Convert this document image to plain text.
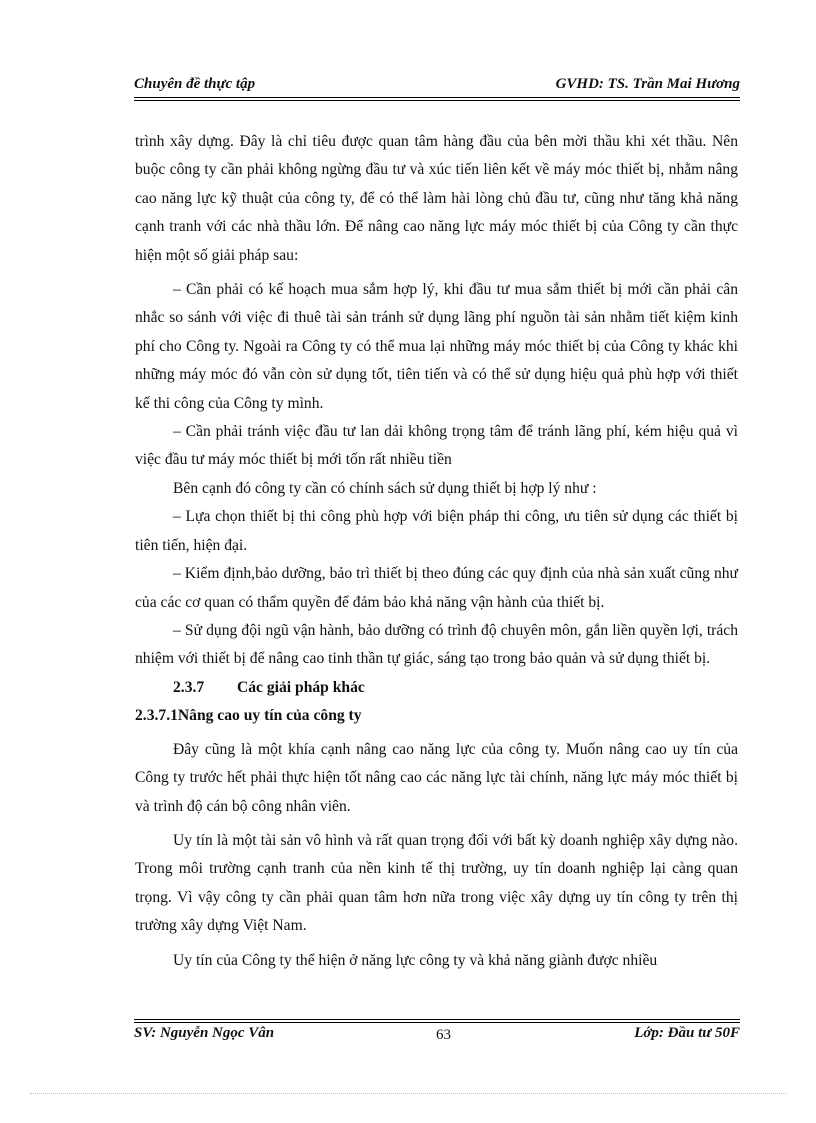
Chuyên đề thực tập	GVHD: TS. Trần Mai Hương

trình xây dựng. Đây là chỉ tiêu được quan tâm hàng đầu của bên mời thầu khi xét thầu. Nên buộc công ty cần phải không ngừng đầu tư và xúc tiến liên kết về máy móc thiết bị, nhằm nâng cao năng lực kỹ thuật của công ty, để có thể làm hài lòng chủ đầu tư, cũng như tăng khả năng cạnh tranh với các nhà thầu lớn. Để nâng cao năng lực máy móc thiết bị của Công ty cần thực hiện một số giải pháp sau:

– Cần phải có kế hoạch mua sắm hợp lý, khi đầu tư mua sắm thiết bị mới cần phải cân nhắc so sánh với việc đi thuê tài sản tránh sử dụng lãng phí nguồn tài sản nhằm tiết kiệm kinh phí cho Công ty. Ngoài ra Công ty có thể mua lại những máy móc thiết bị của Công ty khác khi những máy móc đó vẫn còn sử dụng tốt, tiên tiến và có thể sử dụng hiệu quả phù hợp với thiết kế thi công của Công ty mình.

– Cần phải tránh việc đầu tư lan dải không trọng tâm để tránh lãng phí, kém hiệu quả vì việc đầu tư máy móc thiết bị mới tốn rất nhiều tiền

Bên cạnh đó công ty cần có chính sách sử dụng thiết bị hợp lý như :

– Lựa chọn thiết bị thi công phù hợp với biện pháp thi công, ưu tiên sử dụng các thiết bị tiên tiến, hiện đại.

– Kiểm định,bảo dưỡng, bảo trì thiết bị theo đúng các quy định của nhà sản xuất cũng như của các cơ quan có thẩm quyền để đảm bảo khả năng vận hành của thiết bị.

– Sử dụng đội ngũ vận hành, bảo dưỡng có trình độ chuyên môn, gắn liền quyền lợi, trách nhiệm với thiết bị để nâng cao tinh thần tự giác, sáng tạo trong bảo quản và sử dụng thiết bị.

2.3.7	Các giải pháp khác
2.3.7.1Nâng cao uy tín của công ty

Đây cũng là một khía cạnh nâng cao năng lực của công ty. Muốn nâng cao uy tín của Công ty trước hết phải thực hiện tốt nâng cao các năng lực tài chính, năng lực máy móc thiết bị và trình độ cán bộ công nhân viên.

Uy tín là một tài sản vô hình và rất quan trọng đối với bất kỳ doanh nghiệp xây dựng nào. Trong môi trường cạnh tranh của nền kinh tế thị trường, uy tín doanh nghiệp lại càng quan trọng. Vì vậy công ty cần phải quan tâm hơn nữa trong việc xây dựng uy tín công ty trên thị trường xây dựng Việt Nam.

Uy tín của Công ty thể hiện ở năng lực công ty và khả năng giành được nhiều

SV: Nguyễn Ngọc Vân	63	Lớp: Đầu tư 50F
